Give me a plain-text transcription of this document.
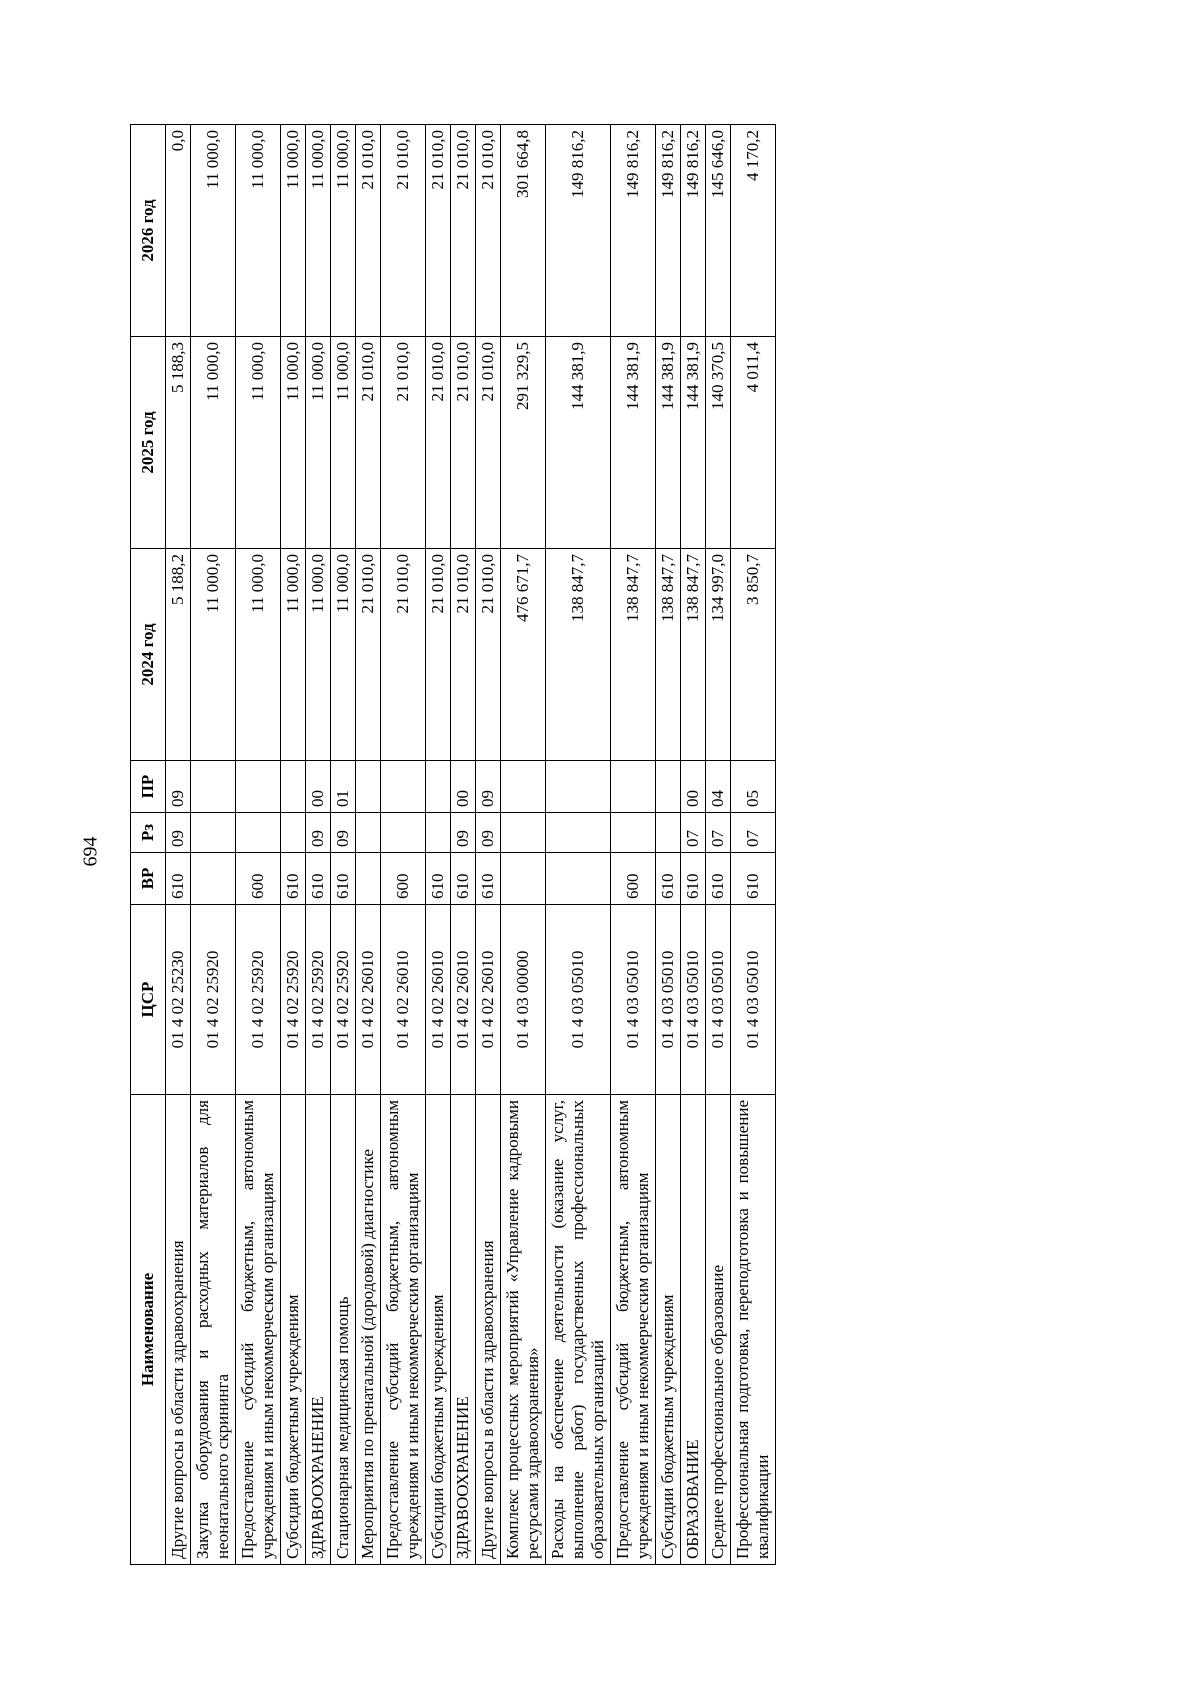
694
Наименование	ЦСР	ВР	Рз	ПР	2024 год	2025 год	2026 год
Другие вопросы в области здравоохранения	01 4 02 25230	610	09	09	5 188,2	5 188,3	0,0
Закупка оборудования и расходных материалов для неонатального скрининга	01 4 02 25920				11 000,0	11 000,0	11 000,0
Предоставление субсидий бюджетным, автономным учреждениям и иным некоммерческим организациям	01 4 02 25920	600			11 000,0	11 000,0	11 000,0
Субсидии бюджетным учреждениям	01 4 02 25920	610			11 000,0	11 000,0	11 000,0
ЗДРАВООХРАНЕНИЕ	01 4 02 25920	610	09	00	11 000,0	11 000,0	11 000,0
Стационарная медицинская помощь	01 4 02 25920	610	09	01	11 000,0	11 000,0	11 000,0
Мероприятия по пренатальной (дородовой) диагностике	01 4 02 26010				21 010,0	21 010,0	21 010,0
Предоставление субсидий бюджетным, автономным учреждениям и иным некоммерческим организациям	01 4 02 26010	600			21 010,0	21 010,0	21 010,0
Субсидии бюджетным учреждениям	01 4 02 26010	610			21 010,0	21 010,0	21 010,0
ЗДРАВООХРАНЕНИЕ	01 4 02 26010	610	09	00	21 010,0	21 010,0	21 010,0
Другие вопросы в области здравоохранения	01 4 02 26010	610	09	09	21 010,0	21 010,0	21 010,0
Комплекс процессных мероприятий «Управление кадровыми ресурсами здравоохранения»	01 4 03 00000				476 671,7	291 329,5	301 664,8
Расходы на обеспечение деятельности (оказание услуг, выполнение работ) государственных профессиональных образовательных организаций	01 4 03 05010				138 847,7	144 381,9	149 816,2
Предоставление субсидий бюджетным, автономным учреждениям и иным некоммерческим организациям	01 4 03 05010	600			138 847,7	144 381,9	149 816,2
Субсидии бюджетным учреждениям	01 4 03 05010	610			138 847,7	144 381,9	149 816,2
ОБРАЗОВАНИЕ	01 4 03 05010	610	07	00	138 847,7	144 381,9	149 816,2
Среднее профессиональное образование	01 4 03 05010	610	07	04	134 997,0	140 370,5	145 646,0
Профессиональная подготовка, переподготовка и повышение квалификации	01 4 03 05010	610	07	05	3 850,7	4 011,4	4 170,2
